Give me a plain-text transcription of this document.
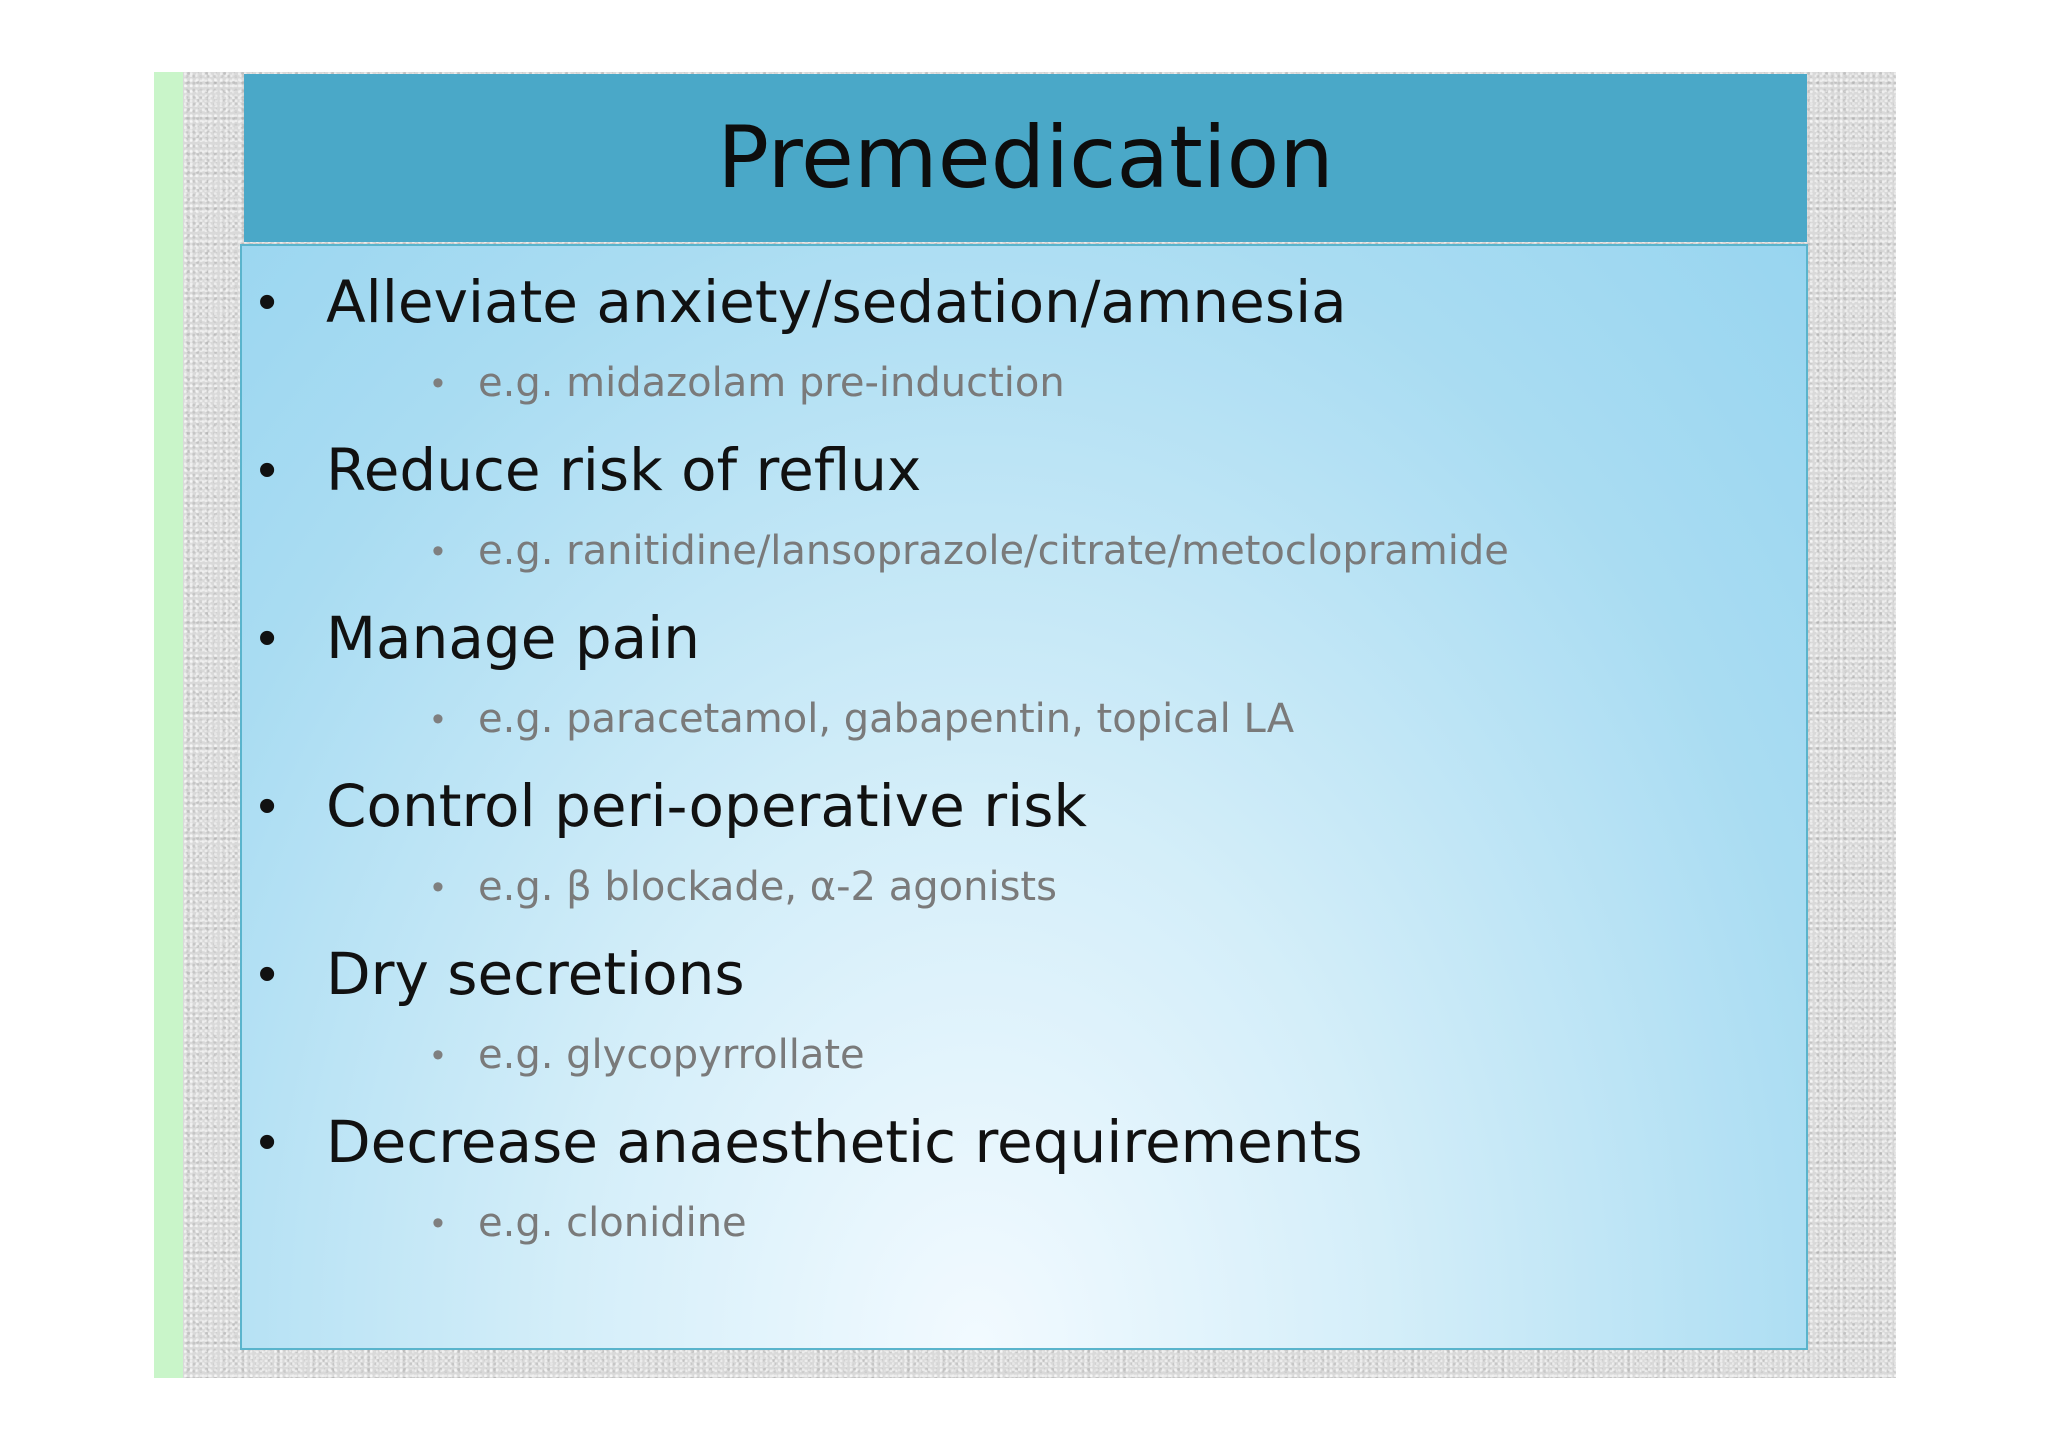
Premedication
• Alleviate anxiety/sedation/amnesia
• e.g. midazolam pre-induction
• Reduce risk of reflux
• e.g. ranitidine/lansoprazole/citrate/metoclopramide
• Manage pain
• e.g. paracetamol, gabapentin, topical LA
• Control peri-operative risk
• e.g. β blockade, α-2 agonists
• Dry secretions
• e.g. glycopyrrollate
• Decrease anaesthetic requirements
• e.g. clonidine
